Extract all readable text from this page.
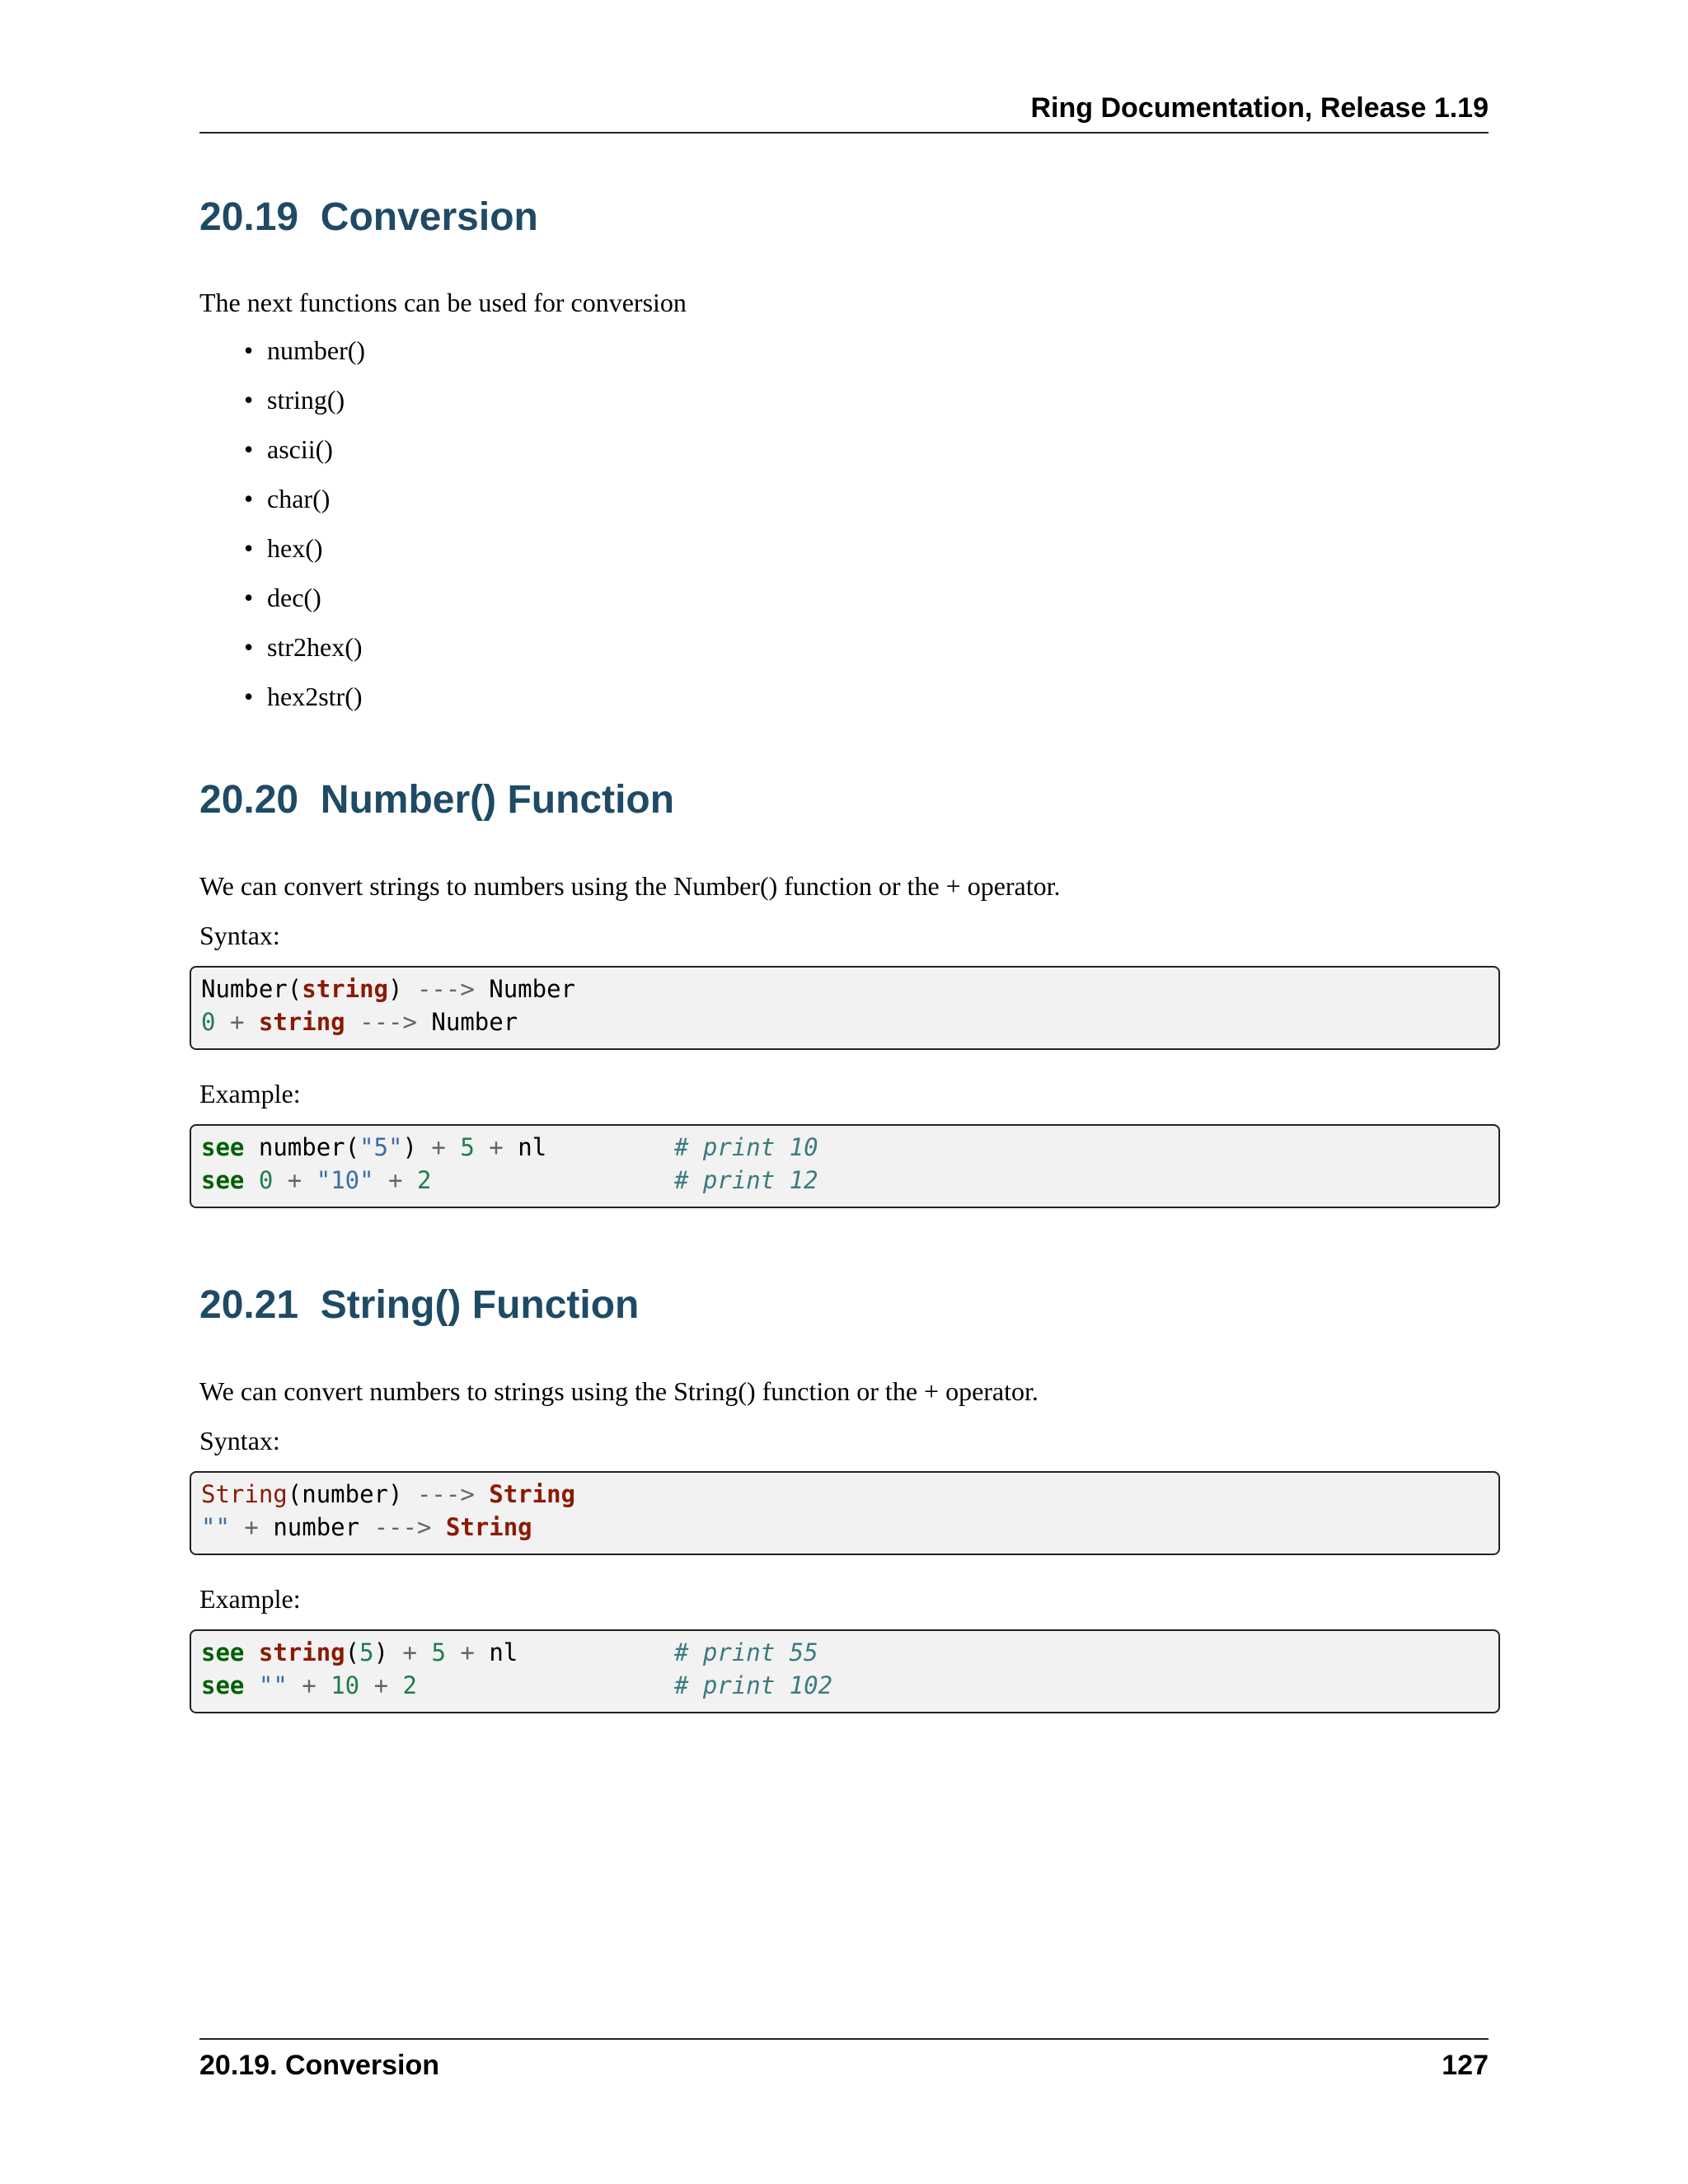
Ring Documentation, Release 1.19
20.19  Conversion

The next functions can be used for conversion

• number()
• string()
• ascii()
• char()
• hex()
• dec()
• str2hex()
• hex2str()
20.20  Number() Function

We can convert strings to numbers using the Number() function or the + operator.

Syntax:

Number(string) ---> Number
0 + string ---> Number

Example:

see number("5") + 5 + nl	# print 10
see 0 + "10" + 2	# print 12
20.21  String() Function

We can convert numbers to strings using the String() function or the + operator.

Syntax:

String(number) ---> String
"" + number ---> String

Example:

see string(5) + 5 + nl	# print 55
see "" + 10 + 2	# print 102
20.19. Conversion	127
